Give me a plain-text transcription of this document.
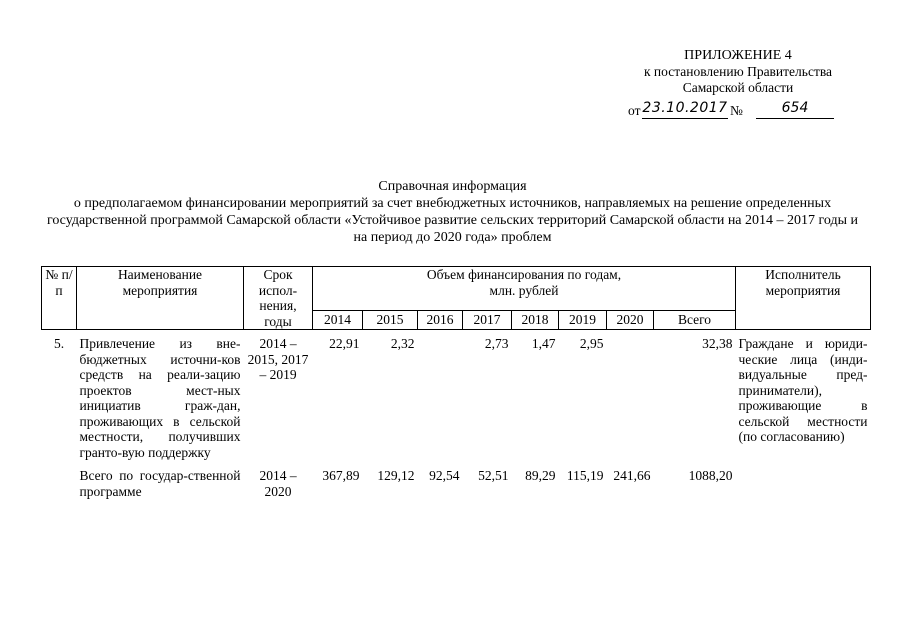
ПРИЛОЖЕНИЕ 4
к постановлению Правительства
Самарской области
от 23.10.2017 №	654
Справочная информация
о предполагаемом финансировании мероприятий за счет внебюджетных источников, направляемых на решение определенных государственной программой Самарской области «Устойчивое развитие сельских территорий Самарской области на 2014 – 2017 годы и на период до 2020 года» проблем
№ п/п	Наименование мероприятия	Срок испол-нения, годы	Объем финансирования по годам, млн. рублей								Исполнитель мероприятия
			2014	2015	2016	2017	2018	2019	2020	Всего	
5.	Привлечение из вне-бюджетных источни-ков средств на реали-зацию проектов мест-ных инициатив граж-дан, проживающих в сельской местности, получивших гранто-вую поддержку	2014 – 2015, 2017 – 2019	22,91	2,32		2,73	1,47	2,95		32,38	Граждане и юриди-ческие лица (инди-видуальные пред-приниматели), проживающие в сельской местности (по согласованию)
	Всего по государ-ственной программе	2014 – 2020	367,89	129,12	92,54	52,51	89,29	115,19	241,66	1088,20	
